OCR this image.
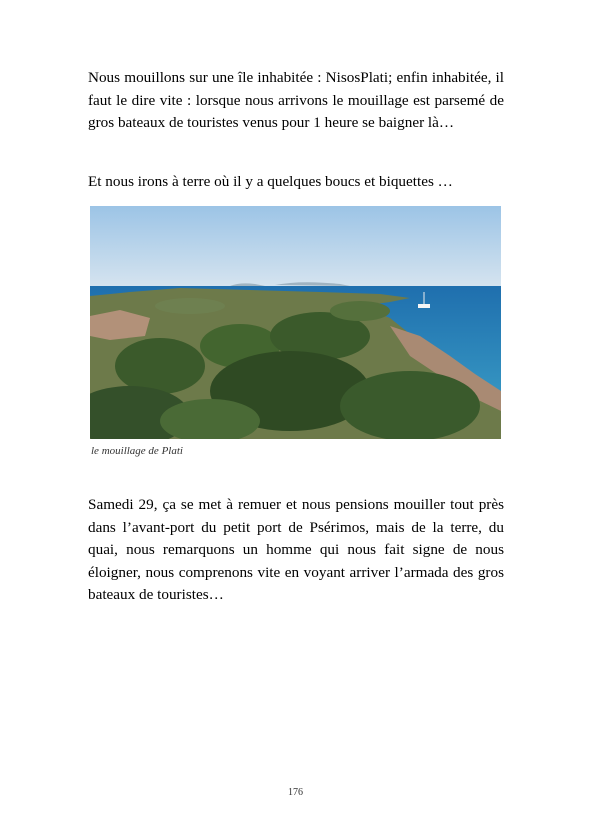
Nous mouillons sur une île inhabitée : NisosPlati; enfin inhabitée, il faut le dire vite : lorsque nous arrivons le mouillage est parsemé de gros bateaux de touristes venus pour 1 heure se baigner là…

Et nous irons à terre où il y a quelques boucs et biquettes …

le mouillage de Plati

Samedi 29, ça se met à remuer et nous pensions mouiller tout près dans l’avant-port du petit port de Psérimos, mais de la terre, du quai, nous remarquons un homme qui nous fait signe de nous éloigner, nous comprenons vite en voyant arriver l’armada des gros bateaux de touristes…

176
